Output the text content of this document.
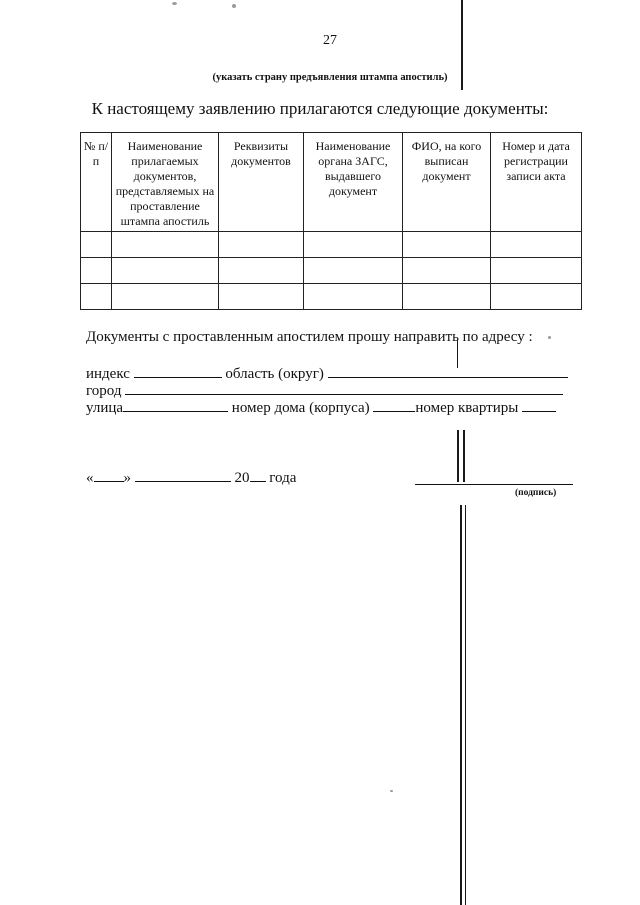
27
(указать страну предъявления штампа апостиль)
К настоящему заявлению прилагаются следующие документы:
№ п/п	Наименование прилагаемых документов, представляемых на проставление штампа апостиль	Реквизиты документов	Наименование органа ЗАГС, выдавшего документ	ФИО, на кого выписан документ	Номер и дата регистрации записи акта

Документы с проставленным апостилем прошу направить по адресу :
индекс	область (округ)
город
улица	номер дома (корпуса)	номер квартиры
« »	20 года
(подпись)
